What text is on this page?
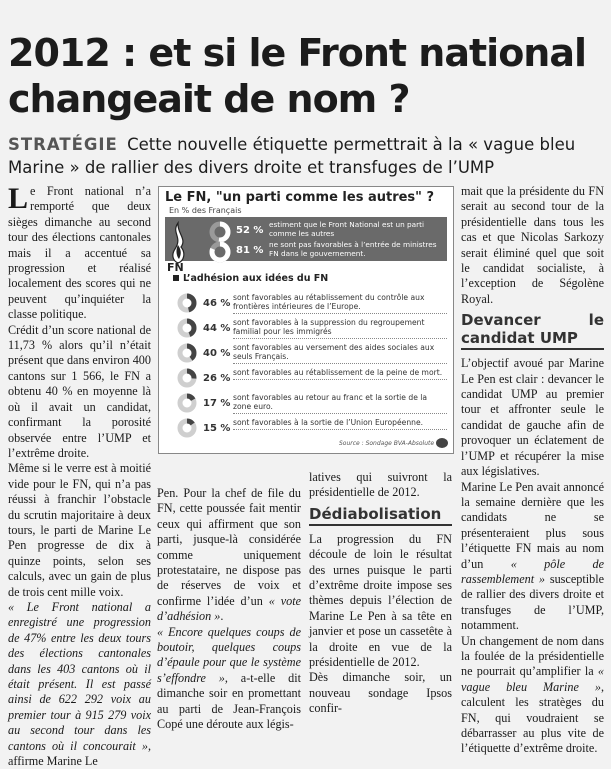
2012 : et si le Front national
changeait de nom ?
STRATÉGIE Cette nouvelle étiquette permettrait à la « vague bleu Marine » de rallier des divers droite et transfuges de l’UMP

Le Front national n’a remporté que deux sièges dimanche au second tour des élections cantonales mais il a accentué sa progression et réalisé localement des scores qui ne peuvent qu’inquiéter la classe politique.

Crédit d’un score national de 11,73 % alors qu’il n’était présent que dans environ 400 cantons sur 1 566, le FN a obtenu 40 % en moyenne là où il avait un candidat, confirmant la porosité observée entre l’UMP et l’extrême droite.

Même si le verre est à moitié vide pour le FN, qui n’a pas réussi à franchir l’obstacle du scrutin majoritaire à deux tours, le parti de Marine Le Pen progresse de dix à quinze points, selon ses calculs, avec un gain de plus de trois cent mille voix.

« Le Front national a enregistré une progression de 47% entre les deux tours des élections cantonales dans les 403 cantons où il était présent. Il est passé ainsi de 622 292 voix au premier tour à 915 279 voix au second tour dans les cantons où il concourait », affirme Marine Le

Le FN, "un parti comme les autres" ?
En % des Français
FN
52 %
estiment que le Front National est un parti comme les autres
81 %
ne sont pas favorables à l’entrée de ministres FN dans le gouvernement.
L’adhésion aux idées du FN
46 %
sont favorables au rétablissement du contrôle aux frontières intérieures de l’Europe.
44 %
sont favorables à la suppression du regroupement familial pour les immigrés
40 %
sont favorables au versement des aides sociales aux seuls Français.
26 %
sont favorables au rétablissement de la peine de mort.
17 %
sont favorables au retour au franc et la sortie de la zone euro.
15 %
sont favorables à la sortie de l’Union Européenne.
Source : Sondage BVA-Absolute

Pen. Pour la chef de file du FN, cette poussée fait mentir ceux qui affirment que son parti, jusque-là considérée comme uniquement protestataire, ne dispose pas de réserves de voix et confirme l’idée d’un « vote d’adhésion ».

« Encore quelques coups de boutoir, quelques coups d’épaule pour que le système s’effondre », a-t-elle dit dimanche soir en promettant au parti de Jean-François Copé une déroute aux légis-

latives qui suivront la présidentielle de 2012.

Dédiabolisation

La progression du FN découle de loin le résultat des urnes puisque le parti d’extrême droite impose ses thèmes depuis l’élection de Marine Le Pen à sa tête en janvier et pose un cassetête à la droite en vue de la présidentielle de 2012.

Dès dimanche soir, un nouveau sondage Ipsos confir-

mait que la présidente du FN serait au second tour de la présidentielle dans tous les cas et que Nicolas Sarkozy serait éliminé quel que soit le candidat socialiste, à l’exception de Ségolène Royal.

Devancer le candidat UMP

L’objectif avoué par Marine Le Pen est clair : devancer le candidat UMP au premier tour et affronter seule le candidat de gauche afin de provoquer un éclatement de l’UMP et récupérer la mise aux législatives.

Marine Le Pen avait annoncé la semaine dernière que les candidats ne se présenteraient plus sous l’étiquette FN mais au nom d’un « pôle de rassemblement » susceptible de rallier des divers droite et transfuges de l’UMP, notamment.

Un changement de nom dans la foulée de la présidentielle ne pourrait qu’amplifier la « vague bleu Marine », calculent les stratèges du FN, qui voudraient se débarrasser au plus vite de l’étiquette d’extrême droite.
